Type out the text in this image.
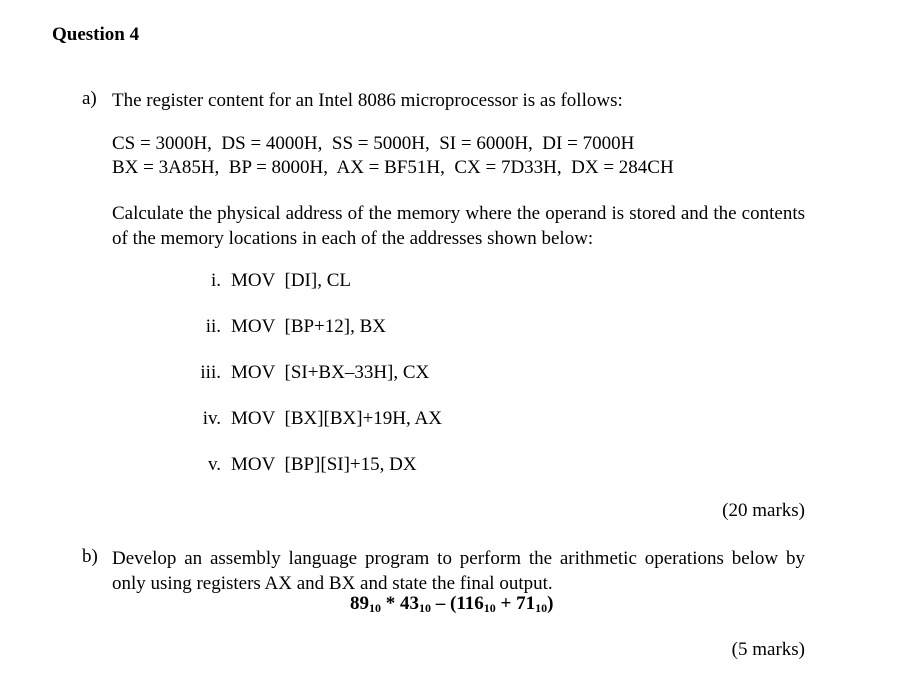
Question 4
a) The register content for an Intel 8086 microprocessor is as follows:
CS = 3000H,  DS = 4000H,  SS = 5000H,  SI = 6000H,  DI = 7000H
BX = 3A85H,  BP = 8000H,  AX = BF51H,  CX = 7D33H,  DX = 284CH
Calculate the physical address of the memory where the operand is stored and the contents of the memory locations in each of the addresses shown below:
i. MOV  [DI], CL
ii. MOV  [BP+12], BX
iii. MOV  [SI+BX–33H], CX
iv. MOV  [BX][BX]+19H, AX
v. MOV  [BP][SI]+15, DX
(20 marks)
b) Develop an assembly language program to perform the arithmetic operations below by only using registers AX and BX and state the final output.
$89_{10} * 43_{10} - (116_{10} + 71_{10})$
(5 marks)
